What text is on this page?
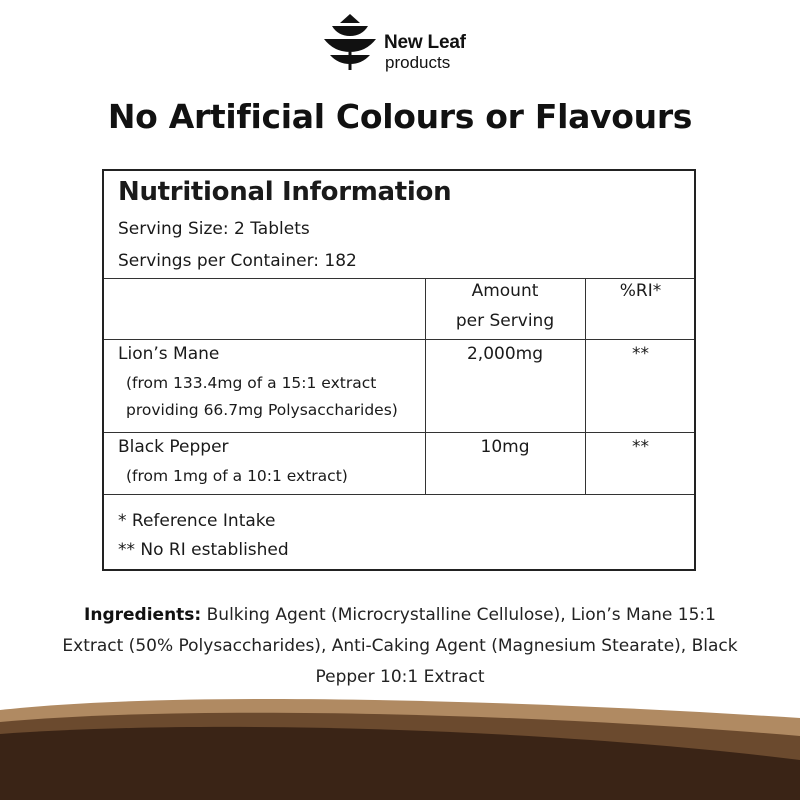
New Leaf
products
No Artificial Colours or Flavours
Nutritional Information
Serving Size: 2 Tablets
Servings per Container: 182
Amount
per Serving
%RI*
Lion’s Mane
(from 133.4mg of a 15:1 extract
providing 66.7mg Polysaccharides)
2,000mg	**
Black Pepper
(from 1mg of a 10:1 extract)
10mg	**
* Reference Intake
** No RI established
Ingredients: Bulking Agent (Microcrystalline Cellulose), Lion’s Mane 15:1 Extract (50% Polysaccharides), Anti-Caking Agent (Magnesium Stearate), Black Pepper 10:1 Extract
